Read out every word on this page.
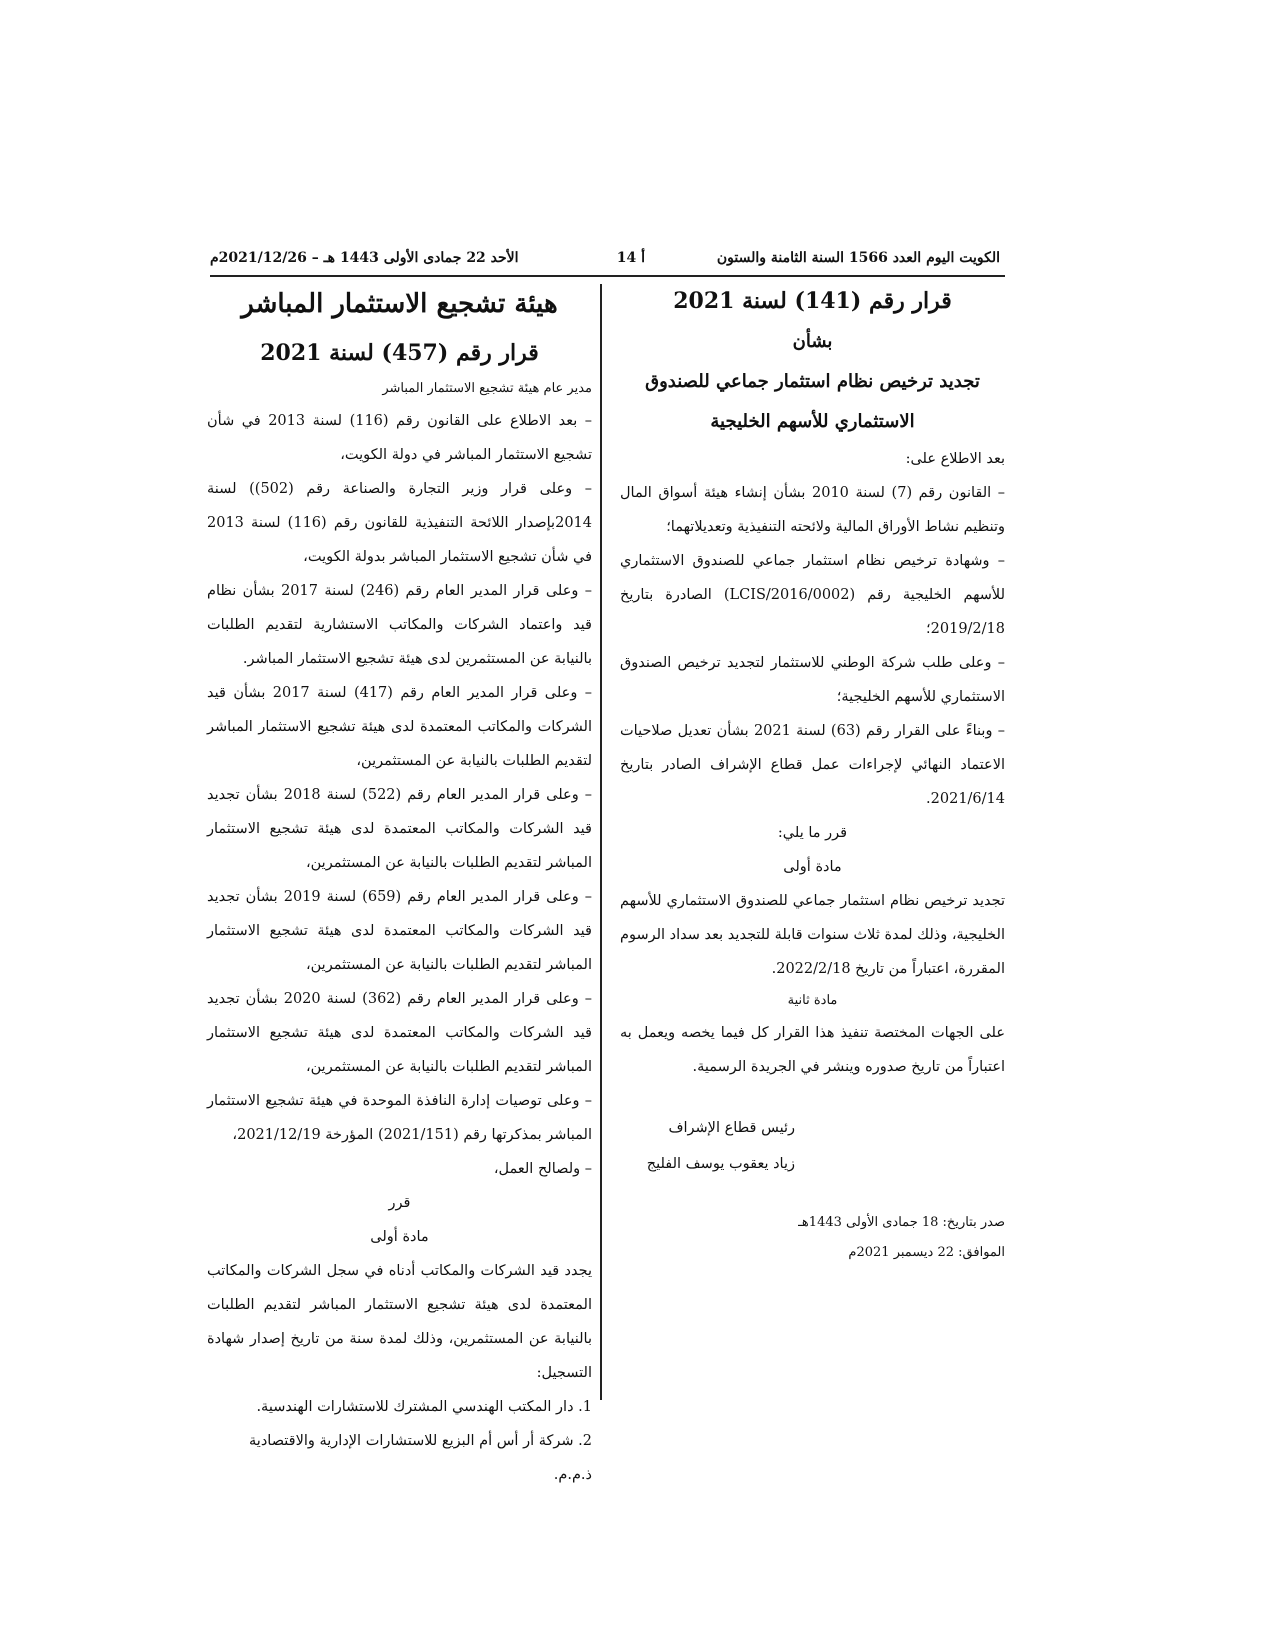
الكويت اليوم العدد 1566 السنة الثامنة والستون
أ 14
الأحد 22 جمادى الأولى 1443 هـ – 2021/12/26م

قرار رقم (141) لسنة 2021

بشأن

تجديد ترخيص نظام استثمار جماعي للصندوق

الاستثماري للأسهم الخليجية

بعد الاطلاع على:

– القانون رقم (7) لسنة 2010 بشأن إنشاء هيئة أسواق المال وتنظيم نشاط الأوراق المالية ولائحته التنفيذية وتعديلاتهما؛

– وشهادة ترخيص نظام استثمار جماعي للصندوق الاستثماري للأسهم الخليجية رقم (LCIS/2016/0002) الصادرة بتاريخ 2019/2/18؛

– وعلى طلب شركة الوطني للاستثمار لتجديد ترخيص الصندوق الاستثماري للأسهم الخليجية؛

– وبناءً على القرار رقم (63) لسنة 2021 بشأن تعديل صلاحيات الاعتماد النهائي لإجراءات عمل قطاع الإشراف الصادر بتاريخ 2021/6/14.

قرر ما يلي:

مادة أولى

تجديد ترخيص نظام استثمار جماعي للصندوق الاستثماري للأسهم الخليجية، وذلك لمدة ثلاث سنوات قابلة للتجديد بعد سداد الرسوم المقررة، اعتباراً من تاريخ 2022/2/18.

مادة ثانية

على الجهات المختصة تنفيذ هذا القرار كل فيما يخصه ويعمل به اعتباراً من تاريخ صدوره وينشر في الجريدة الرسمية.

رئيس قطاع الإشراف

زياد يعقوب يوسف الفليج

صدر بتاريخ: 18 جمادى الأولى 1443هـ

الموافق: 22 ديسمبر 2021م

هيئة تشجيع الاستثمار المباشر

قرار رقم (457) لسنة 2021

مدير عام هيئة تشجيع الاستثمار المباشر

– بعد الاطلاع على القانون رقم (116) لسنة 2013 في شأن تشجيع الاستثمار المباشر في دولة الكويت،

– وعلى قرار وزير التجارة والصناعة رقم (502)) لسنة 2014بإصدار اللائحة التنفيذية للقانون رقم (116) لسنة 2013 في شأن تشجيع الاستثمار المباشر بدولة الكويت،

– وعلى قرار المدير العام رقم (246) لسنة 2017 بشأن نظام قيد واعتماد الشركات والمكاتب الاستشارية لتقديم الطلبات بالنيابة عن المستثمرين لدى هيئة تشجيع الاستثمار المباشر.

– وعلى قرار المدير العام رقم (417) لسنة 2017 بشأن قيد الشركات والمكاتب المعتمدة لدى هيئة تشجيع الاستثمار المباشر لتقديم الطلبات بالنيابة عن المستثمرين،

– وعلى قرار المدير العام رقم (522) لسنة 2018 بشأن تجديد قيد الشركات والمكاتب المعتمدة لدى هيئة تشجيع الاستثمار المباشر لتقديم الطلبات بالنيابة عن المستثمرين،

– وعلى قرار المدير العام رقم (659) لسنة 2019 بشأن تجديد قيد الشركات والمكاتب المعتمدة لدى هيئة تشجيع الاستثمار المباشر لتقديم الطلبات بالنيابة عن المستثمرين،

– وعلى قرار المدير العام رقم (362) لسنة 2020 بشأن تجديد قيد الشركات والمكاتب المعتمدة لدى هيئة تشجيع الاستثمار المباشر لتقديم الطلبات بالنيابة عن المستثمرين،

– وعلى توصيات إدارة النافذة الموحدة في هيئة تشجيع الاستثمار المباشر بمذكرتها رقم (2021/151) المؤرخة 2021/12/19،

– ولصالح العمل،

قرر

مادة أولى

يجدد قيد الشركات والمكاتب أدناه في سجل الشركات والمكاتب المعتمدة لدى هيئة تشجيع الاستثمار المباشر لتقديم الطلبات بالنيابة عن المستثمرين، وذلك لمدة سنة من تاريخ إصدار شهادة التسجيل:

1. دار المكتب الهندسي المشترك للاستشارات الهندسية.

2. شركة أر أس أم البزيع للاستشارات الإدارية والاقتصادية ذ.م.م.
